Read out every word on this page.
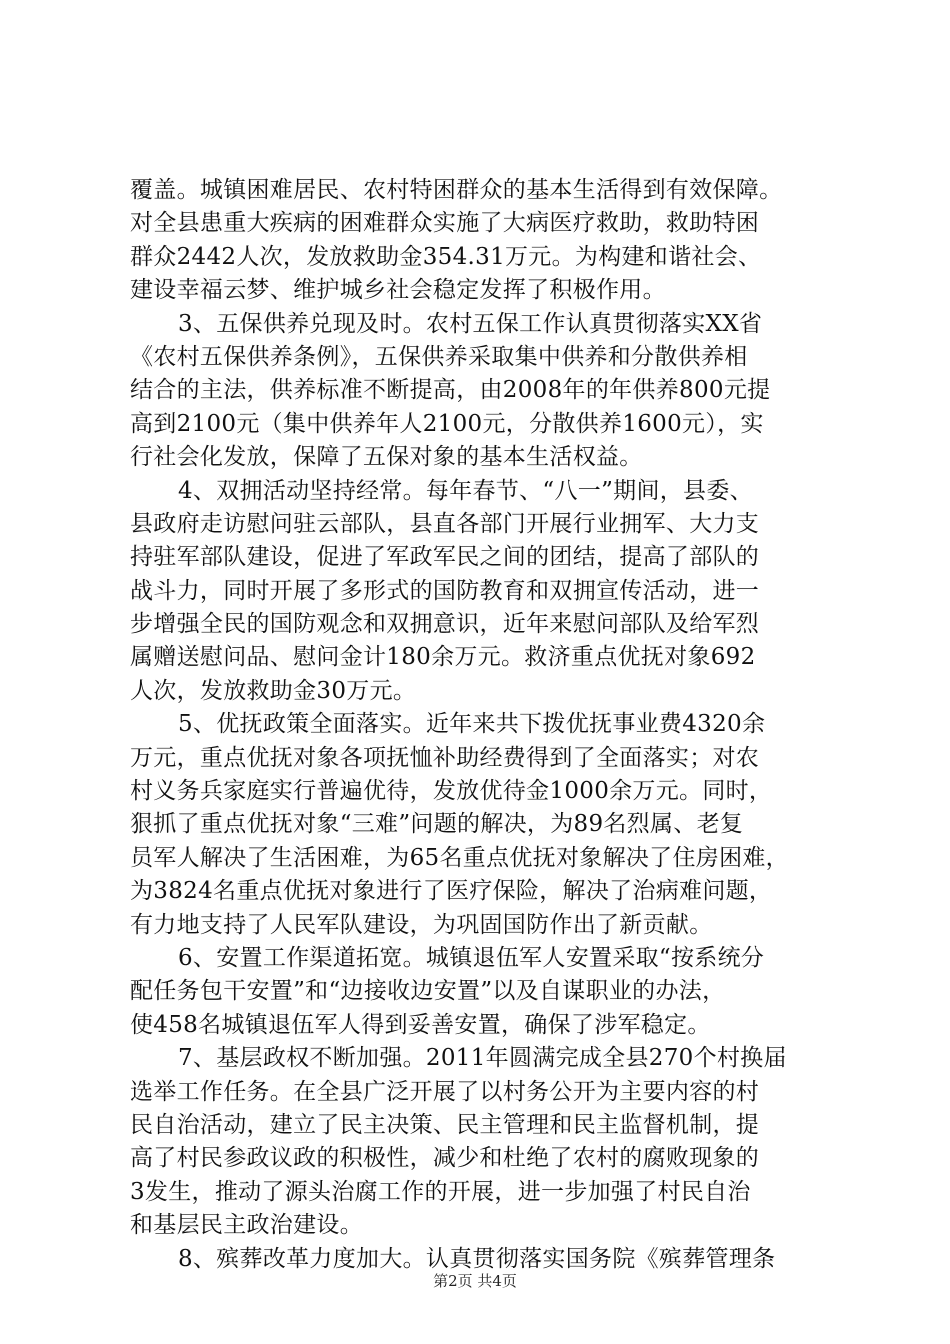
覆盖。城镇困难居民、农村特困群众的基本生活得到有效保障。
对全县患重大疾病的困难群众实施了大病医疗救助，救助特困
群众2442人次，发放救助金354.31万元。为构建和谐社会、
建设幸福云梦、维护城乡社会稳定发挥了积极作用。
3、五保供养兑现及时。农村五保工作认真贯彻落实XX省
《农村五保供养条例》，五保供养采取集中供养和分散供养相
结合的主法，供养标准不断提高，由2008年的年供养800元提
高到2100元（集中供养年人2100元，分散供养1600元），实
行社会化发放，保障了五保对象的基本生活权益。
4、双拥活动坚持经常。每年春节、“八一”期间，县委、
县政府走访慰问驻云部队，县直各部门开展行业拥军、大力支
持驻军部队建设，促进了军政军民之间的团结，提高了部队的
战斗力，同时开展了多形式的国防教育和双拥宣传活动，进一
步增强全民的国防观念和双拥意识，近年来慰问部队及给军烈
属赠送慰问品、慰问金计180余万元。救济重点优抚对象692
人次，发放救助金30万元。
5、优抚政策全面落实。近年来共下拨优抚事业费4320余
万元，重点优抚对象各项抚恤补助经费得到了全面落实；对农
村义务兵家庭实行普遍优待，发放优待金1000余万元。同时，
狠抓了重点优抚对象“三难”问题的解决，为89名烈属、老复
员军人解决了生活困难，为65名重点优抚对象解决了住房困难，
为3824名重点优抚对象进行了医疗保险，解决了治病难问题，
有力地支持了人民军队建设，为巩固国防作出了新贡献。
6、安置工作渠道拓宽。城镇退伍军人安置采取“按系统分
配任务包干安置”和“边接收边安置”以及自谋职业的办法，
使458名城镇退伍军人得到妥善安置，确保了涉军稳定。
7、基层政权不断加强。2011年圆满完成全县270个村换届
选举工作任务。在全县广泛开展了以村务公开为主要内容的村
民自治活动，建立了民主决策、民主管理和民主监督机制，提
高了村民参政议政的积极性，减少和杜绝了农村的腐败现象的
3发生，推动了源头治腐工作的开展，进一步加强了村民自治
和基层民主政治建设。
8、殡葬改革力度加大。认真贯彻落实国务院《殡葬管理条
第2页 共4页
